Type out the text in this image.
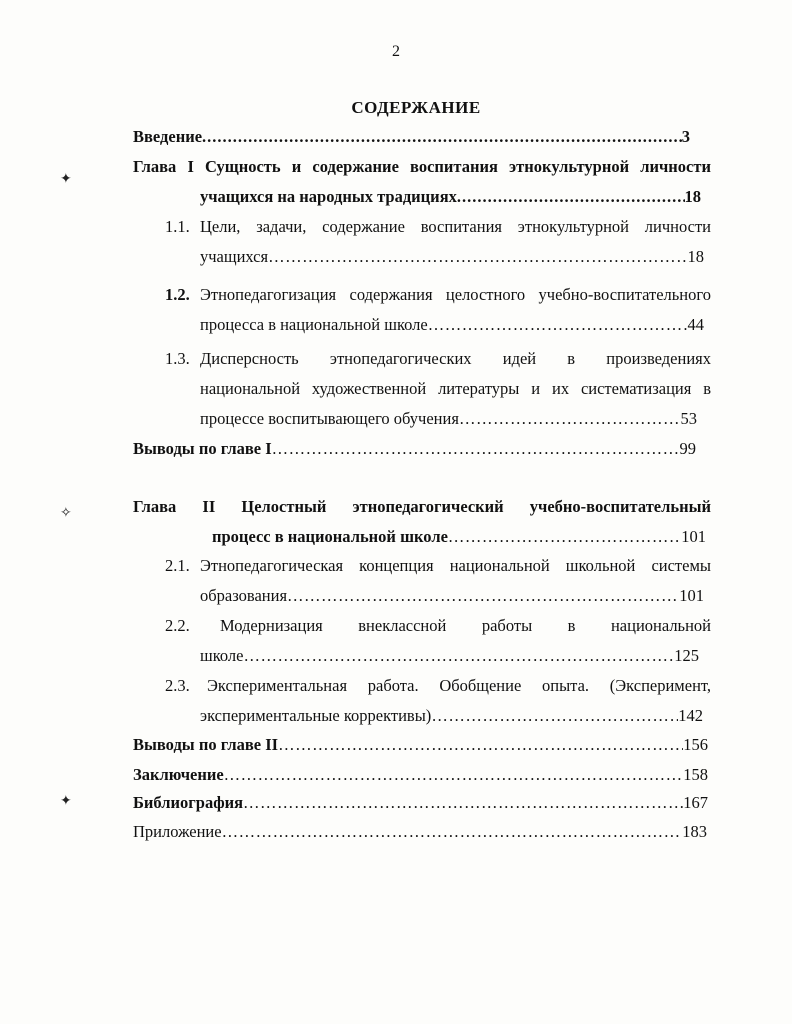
2
СОДЕРЖАНИЕ
✦
✧
✦
Введение .....	3
Глава I Сущность и содержание воспитания этнокультурной личности
учащихся на народных традициях .....	18
1.1. Цели, задачи, содержание воспитания этнокультурной личности
учащихся ………………………………………………………………………………………………………………………………………………………………………………………………	18
1.2. Этнопедагогизация содержания целостного учебно-воспитательного
процесса в национальной школе ………………………………………………………………………………………………………………………………………………………………………………………………	44
1.3. Дисперсность этнопедагогических идей в произведениях
национальной художественной литературы и их систематизация в
процессе воспитывающего обучения ………………………………………………………………………………………………………………………………………………………………………………………………	53
Выводы по главе I ………………………………………………………………………………………………………………………………………………………………………………………………	99
Глава II Целостный этнопедагогический учебно-воспитательный
процесс в национальной школе ………………………………………………………………………………………………………………………………………………………………………………………………	101
2.1. Этнопедагогическая концепция национальной школьной системы
образования ………………………………………………………………………………………………………………………………………………………………………………………………	101
2.2. Модернизация внеклассной работы в национальной
школе ………………………………………………………………………………………………………………………………………………………………………………………………	125
2.3. Экспериментальная работа. Обобщение опыта. (Эксперимент,
экспериментальные коррективы) ………………………………………………………………………………………………………………………………………………………………………………………………	142
Выводы по главе II ………………………………………………………………………………………………………………………………………………………………………………………………	156
Заключение ………………………………………………………………………………………………………………………………………………………………………………………………	158
Библиография ………………………………………………………………………………………………………………………………………………………………………………………………	167
Приложение ………………………………………………………………………………………………………………………………………………………………………………………………	183
